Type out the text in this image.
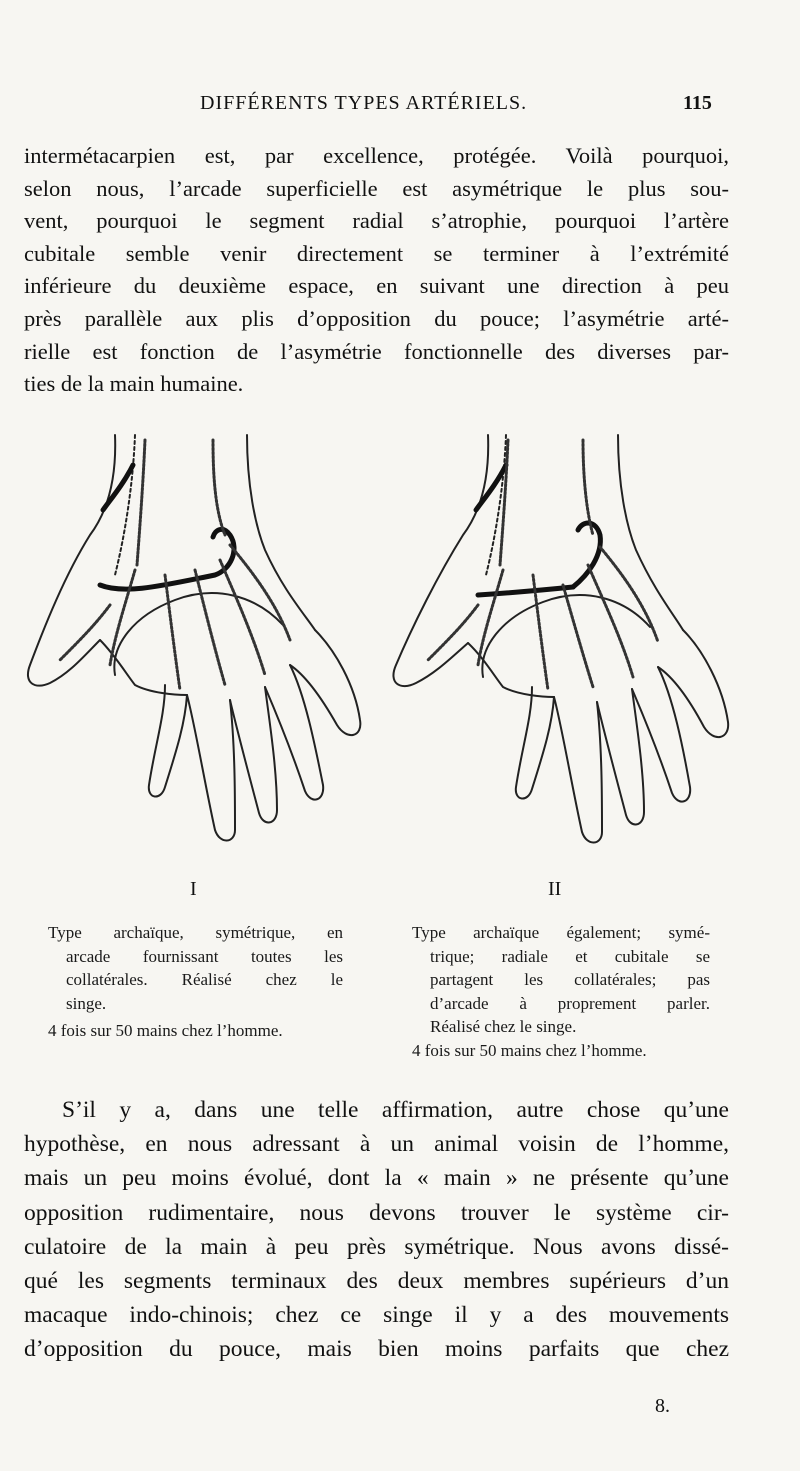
DIFFÉRENTS TYPES ARTÉRIELS.	115
intermétacarpien est, par excellence, protégée. Voilà pourquoi,
selon nous, l’arcade superficielle est asymétrique le plus sou-
vent, pourquoi le segment radial s’atrophie, pourquoi l’artère
cubitale semble venir directement se terminer à l’extrémité
inférieure du deuxième espace, en suivant une direction à peu
près parallèle aux plis d’opposition du pouce; l’asymétrie arté-
rielle est fonction de l’asymétrie fonctionnelle des diverses par-
ties de la main humaine.
I	II
Type archaïque, symétrique, en
arcade fournissant toutes les
collatérales. Réalisé chez le
singe.
4 fois sur 50 mains chez l’homme.
Type archaïque également; symé-
trique; radiale et cubitale se
partagent les collatérales; pas
d’arcade à proprement parler.
Réalisé chez le singe.
4 fois sur 50 mains chez l’homme.
S’il y a, dans une telle affirmation, autre chose qu’une
hypothèse, en nous adressant à un animal voisin de l’homme,
mais un peu moins évolué, dont la « main » ne présente qu’une
opposition rudimentaire, nous devons trouver le système cir-
culatoire de la main à peu près symétrique. Nous avons dissé-
qué les segments terminaux des deux membres supérieurs d’un
macaque indo-chinois; chez ce singe il y a des mouvements
d’opposition du pouce, mais bien moins parfaits que chez
8.
